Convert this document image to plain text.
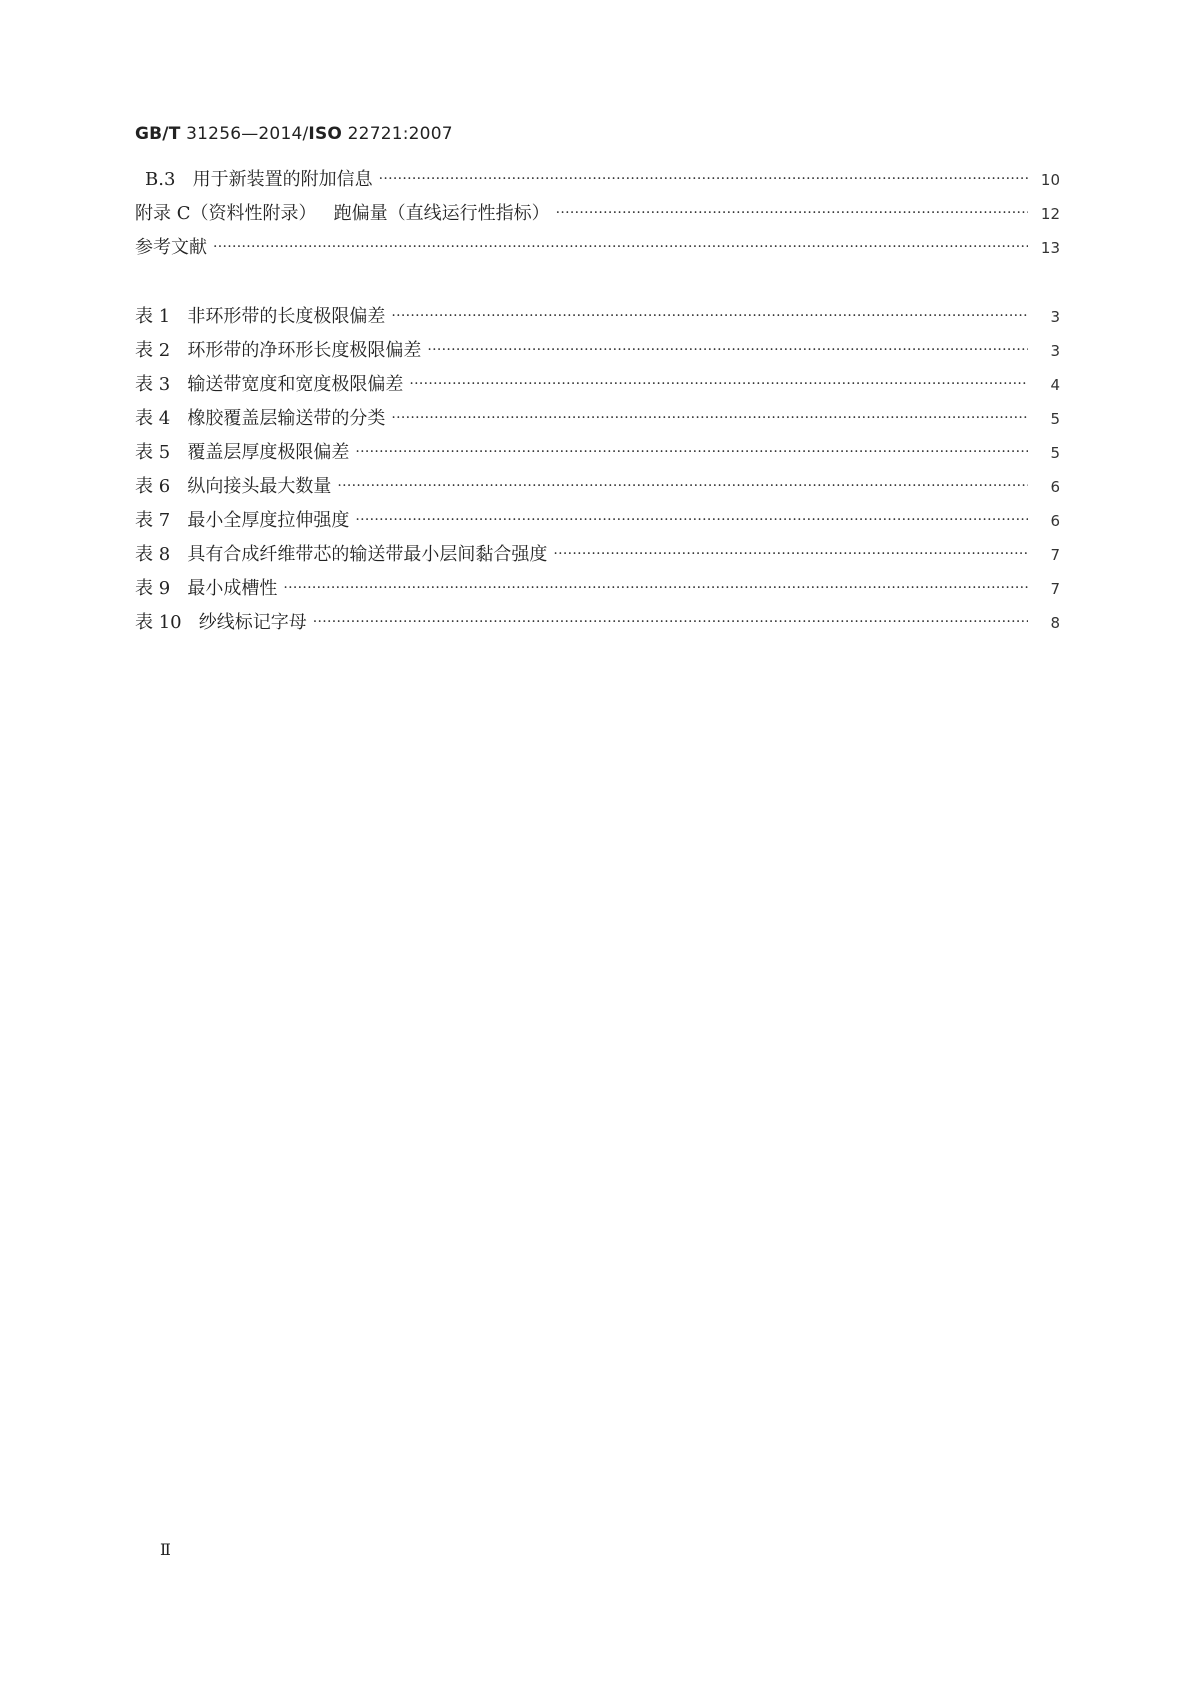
GB/T 31256—2014/ISO 22721:2007
B.3   用于新装置的附加信息 ·····	10
附录 C（资料性附录）   跑偏量（直线运行性指标） ·····	12
参考文献 ·····	13
表 1   非环形带的长度极限偏差 ·····	3
表 2   环形带的净环形长度极限偏差 ·····	3
表 3   输送带宽度和宽度极限偏差 ·····	4
表 4   橡胶覆盖层输送带的分类 ·····	5
表 5   覆盖层厚度极限偏差 ·····	5
表 6   纵向接头最大数量 ·····	6
表 7   最小全厚度拉伸强度 ·····	6
表 8   具有合成纤维带芯的输送带最小层间黏合强度 ·····	7
表 9   最小成槽性 ·····	7
表 10   纱线标记字母 ·····	8
Ⅱ
